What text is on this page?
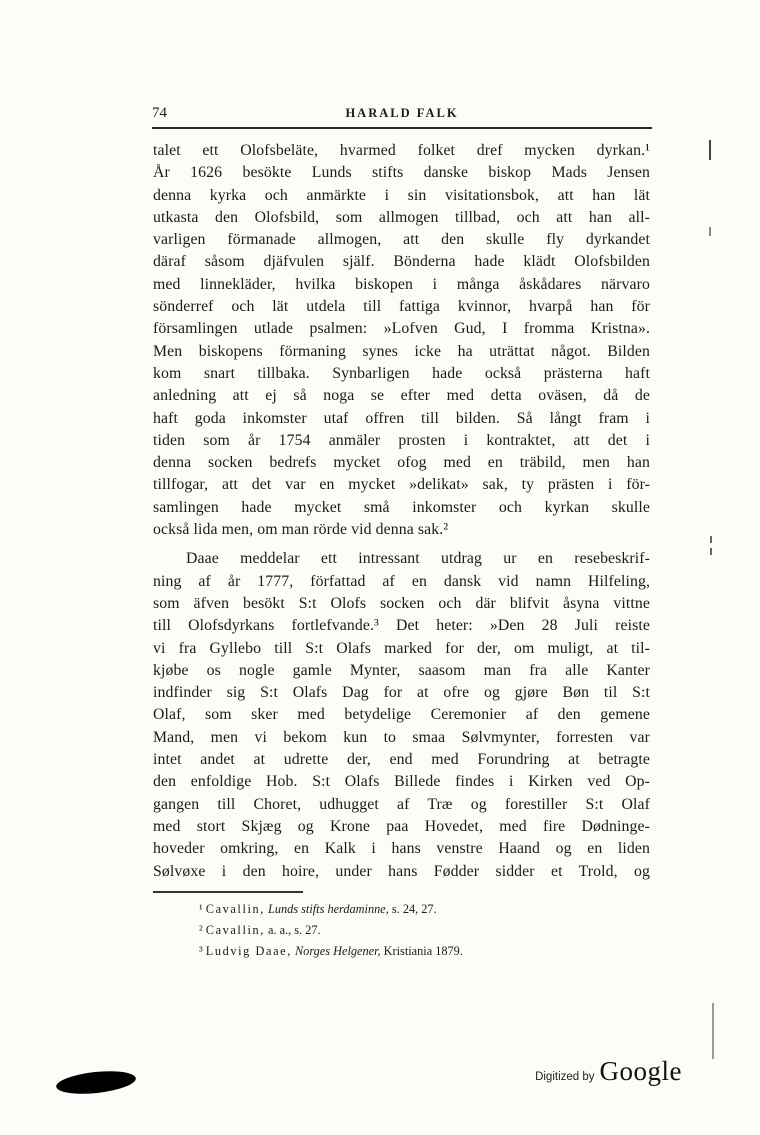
74	HARALD FALK
talet ett Olofsbeläte, hvarmed folket dref mycken dyrkan.¹
År 1626 besökte Lunds stifts danske biskop Mads Jensen
denna kyrka och anmärkte i sin visitationsbok, att han lät
utkasta den Olofsbild, som allmogen tillbad, och att han all-
varligen förmanade allmogen, att den skulle fly dyrkandet
däraf såsom djäfvulen själf. Bönderna hade klädt Olofsbilden
med linnekläder, hvilka biskopen i många åskådares närvaro
sönderref och lät utdela till fattiga kvinnor, hvarpå han för
församlingen utlade psalmen: »Lofven Gud, I fromma Kristna».
Men biskopens förmaning synes icke ha uträttat något. Bilden
kom snart tillbaka. Synbarligen hade också prästerna haft
anledning att ej så noga se efter med detta oväsen, då de
haft goda inkomster utaf offren till bilden. Så långt fram i
tiden som år 1754 anmäler prosten i kontraktet, att det i
denna socken bedrefs mycket ofog med en träbild, men han
tillfogar, att det var en mycket »delikat» sak, ty prästen i för-
samlingen hade mycket små inkomster och kyrkan skulle
också lida men, om man rörde vid denna sak.²
Daae meddelar ett intressant utdrag ur en resebeskrif-
ning af år 1777, författad af en dansk vid namn Hilfeling,
som äfven besökt S:t Olofs socken och där blifvit åsyna vittne
till Olofsdyrkans fortlefvande.³ Det heter: »Den 28 Juli reiste
vi fra Gyllebo till S:t Olafs marked for der, om muligt, at til-
kjøbe os nogle gamle Mynter, saasom man fra alle Kanter
indfinder sig S:t Olafs Dag for at ofre og gjøre Bøn til S:t
Olaf, som sker med betydelige Ceremonier af den gemene
Mand, men vi bekom kun to smaa Sølvmynter, forresten var
intet andet at udrette der, end med Forundring at betragte
den enfoldige Hob. S:t Olafs Billede findes i Kirken ved Op-
gangen till Choret, udhugget af Træ og forestiller S:t Olaf
med stort Skjæg og Krone paa Hovedet, med fire Dødninge-
hoveder omkring, en Kalk i hans venstre Haand og en liden
Sølvøxe i den hoire, under hans Fødder sidder et Trold, og
¹ Cavallin, Lunds stifts herdaminne, s. 24, 27.
² Cavallin, a. a., s. 27.
³ Ludvig Daae, Norges Helgener, Kristiania 1879.
Digitized by Google
